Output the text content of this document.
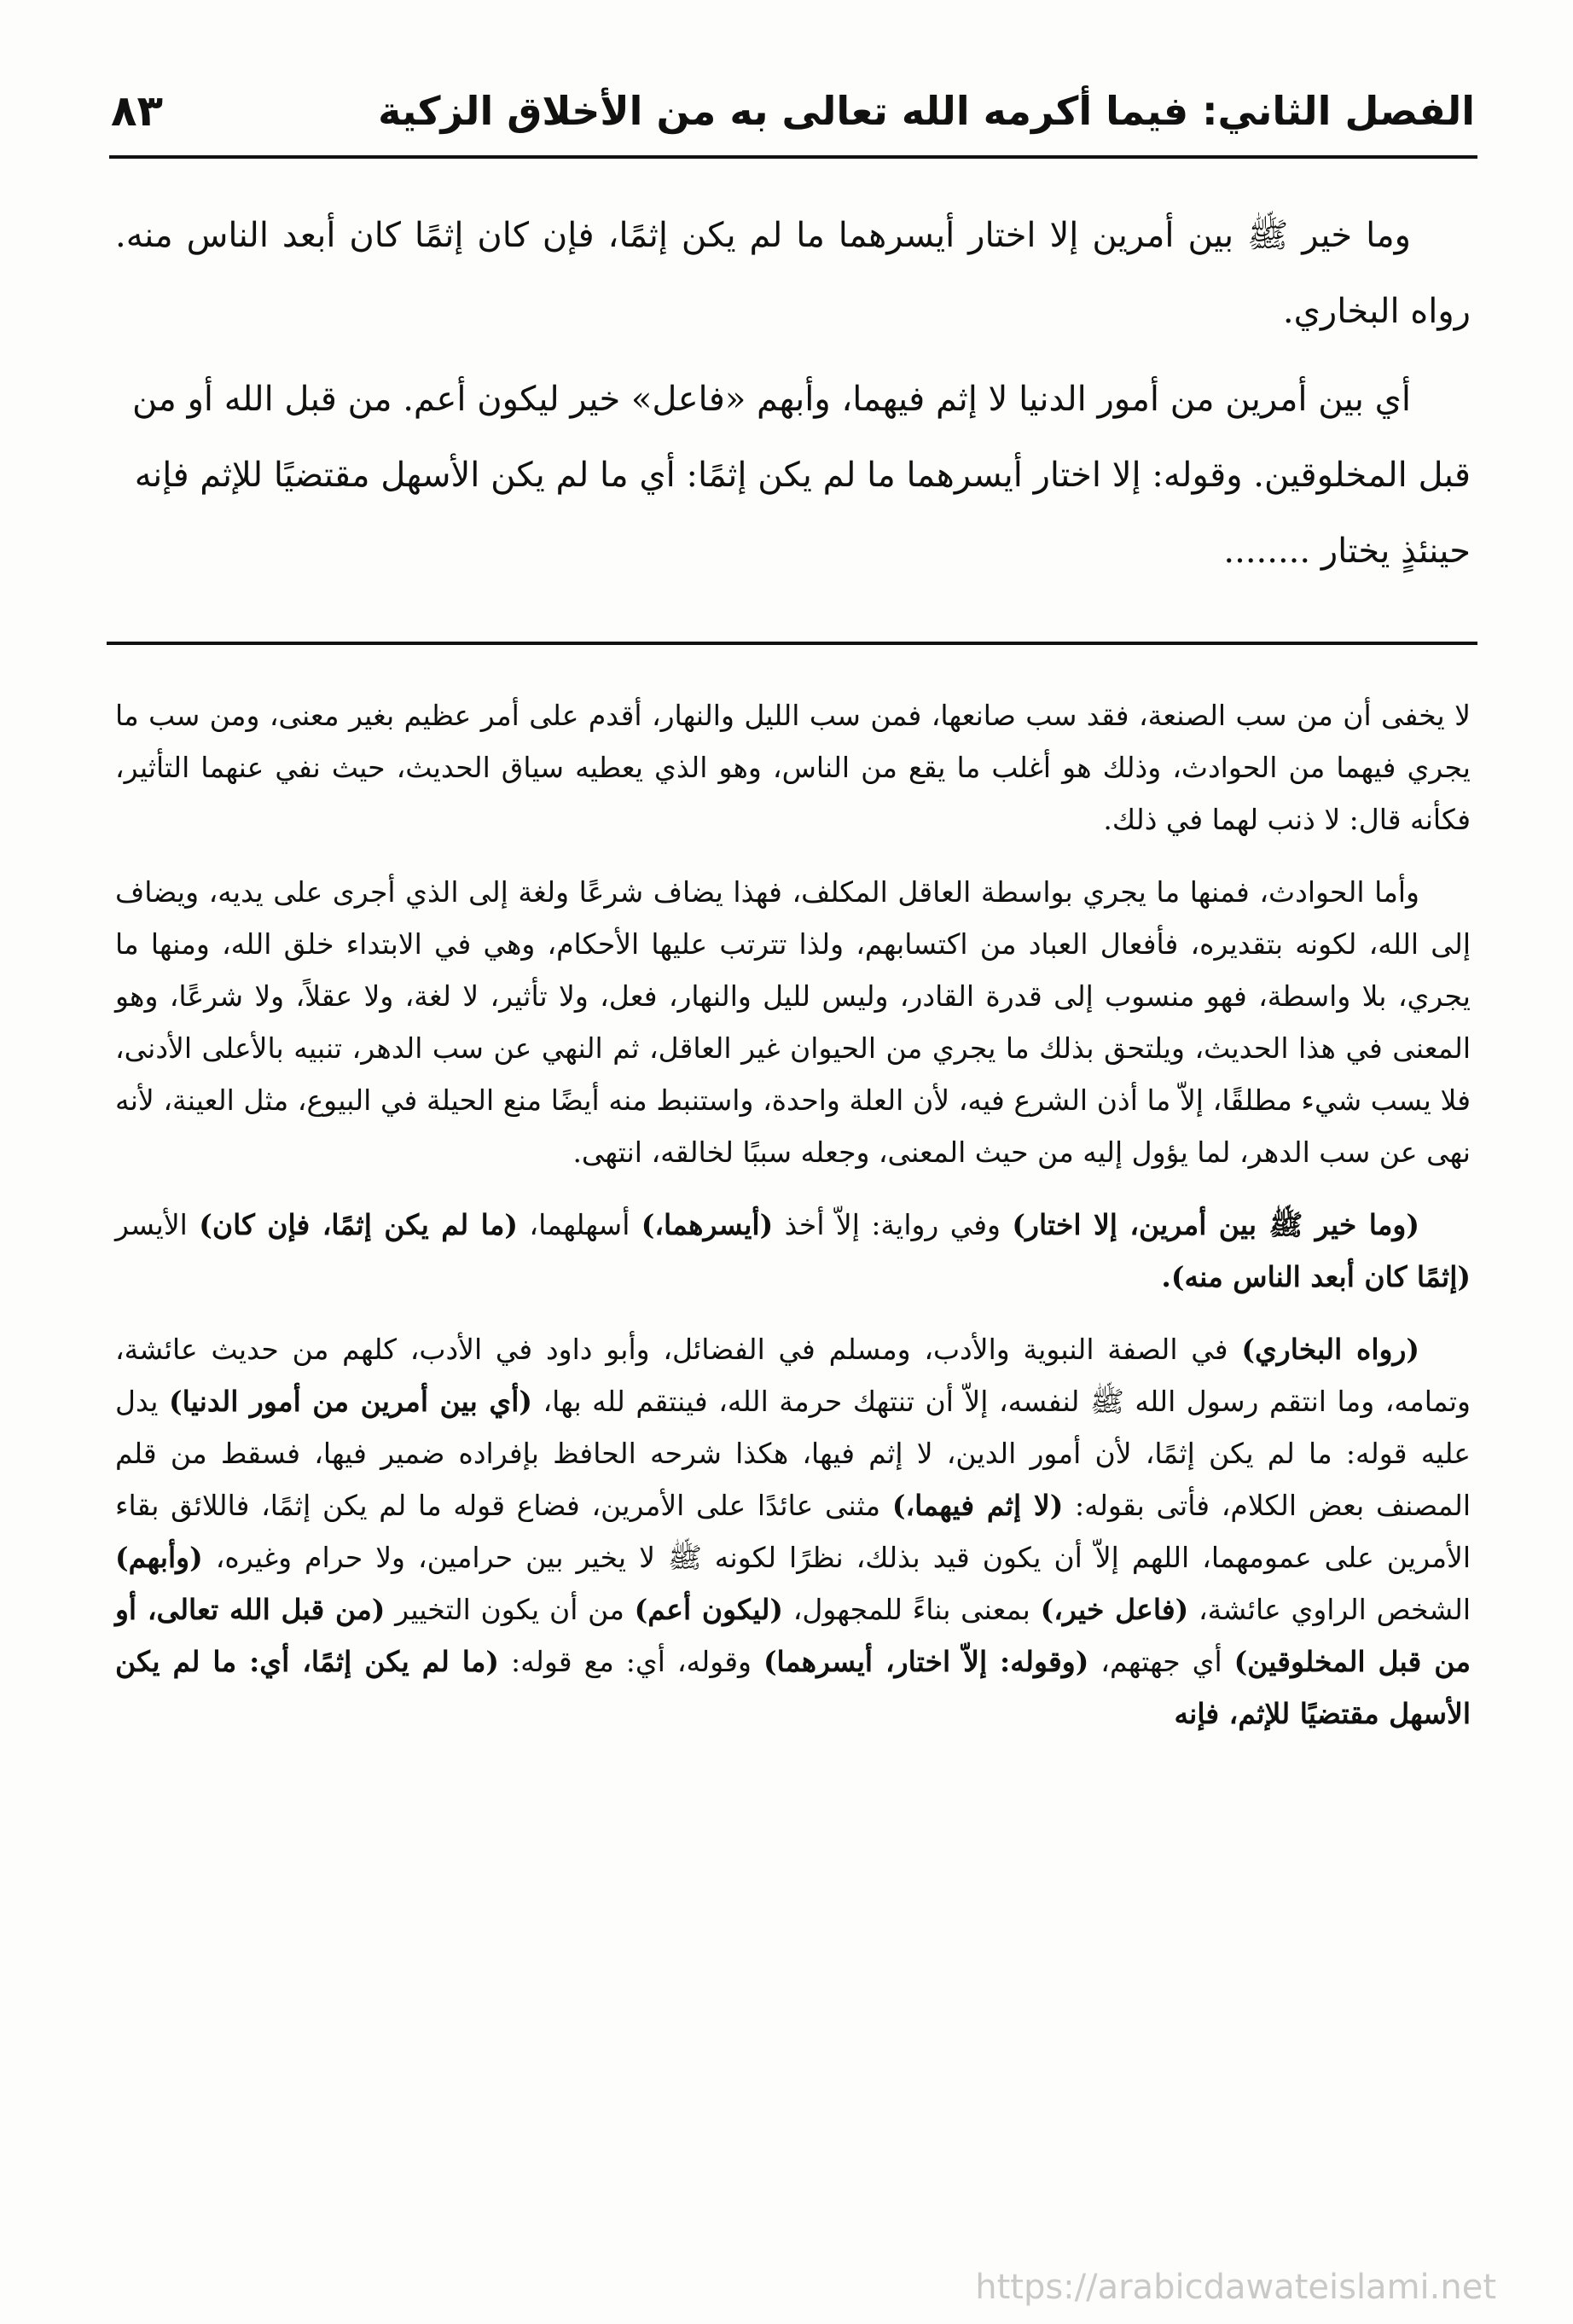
الفصل الثاني: فيما أكرمه الله تعالى به من الأخلاق الزكية
٨٣

وما خير ﷺ بين أمرين إلا اختار أيسرهما ما لم يكن إثمًا، فإن كان إثمًا كان أبعد الناس منه. رواه البخاري.

أي بين أمرين من أمور الدنيا لا إثم فيهما، وأبهم «فاعل» خير ليكون أعم. من قبل الله أو من قبل المخلوقين. وقوله: إلا اختار أيسرهما ما لم يكن إثمًا: أي ما لم يكن الأسهل مقتضيًا للإثم فإنه حينئذٍ يختار ........

لا يخفى أن من سب الصنعة، فقد سب صانعها، فمن سب الليل والنهار، أقدم على أمر عظيم بغير معنى، ومن سب ما يجري فيهما من الحوادث، وذلك هو أغلب ما يقع من الناس، وهو الذي يعطيه سياق الحديث، حيث نفي عنهما التأثير، فكأنه قال: لا ذنب لهما في ذلك.

وأما الحوادث، فمنها ما يجري بواسطة العاقل المكلف، فهذا يضاف شرعًا ولغة إلى الذي أجرى على يديه، ويضاف إلى الله، لكونه بتقديره، فأفعال العباد من اكتسابهم، ولذا تترتب عليها الأحكام، وهي في الابتداء خلق الله، ومنها ما يجري، بلا واسطة، فهو منسوب إلى قدرة القادر، وليس لليل والنهار، فعل، ولا تأثير، لا لغة، ولا عقلاً، ولا شرعًا، وهو المعنى في هذا الحديث، ويلتحق بذلك ما يجري من الحيوان غير العاقل، ثم النهي عن سب الدهر، تنبيه بالأعلى الأدنى، فلا يسب شيء مطلقًا، إلاّ ما أذن الشرع فيه، لأن العلة واحدة، واستنبط منه أيضًا منع الحيلة في البيوع، مثل العينة، لأنه نهى عن سب الدهر، لما يؤول إليه من حيث المعنى، وجعله سببًا لخالقه، انتهى.

(وما خير ﷺ بين أمرين، إلا اختار) وفي رواية: إلاّ أخذ (أيسرهما،) أسهلهما، (ما لم يكن إثمًا، فإن كان) الأيسر (إثمًا كان أبعد الناس منه).

(رواه البخاري) في الصفة النبوية والأدب، ومسلم في الفضائل، وأبو داود في الأدب، كلهم من حديث عائشة، وتمامه، وما انتقم رسول الله ﷺ لنفسه، إلاّ أن تنتهك حرمة الله، فينتقم لله بها، (أي بين أمرين من أمور الدنيا) يدل عليه قوله: ما لم يكن إثمًا، لأن أمور الدين، لا إثم فيها، هكذا شرحه الحافظ بإفراده ضمير فيها، فسقط من قلم المصنف بعض الكلام، فأتى بقوله: (لا إثم فيهما،) مثنى عائدًا على الأمرين، فضاع قوله ما لم يكن إثمًا، فاللائق بقاء الأمرين على عمومهما، اللهم إلاّ أن يكون قيد بذلك، نظرًا لكونه ﷺ لا يخير بين حرامين، ولا حرام وغيره، (وأبهم) الشخص الراوي عائشة، (فاعل خير،) بمعنى بناءً للمجهول، (ليكون أعم) من أن يكون التخيير (من قبل الله تعالى، أو من قبل المخلوقين) أي جهتهم، (وقوله: إلاّ اختار، أيسرهما) وقوله، أي: مع قوله: (ما لم يكن إثمًا، أي: ما لم يكن الأسهل مقتضيًا للإثم، فإنه

https://arabicdawateislami.net
